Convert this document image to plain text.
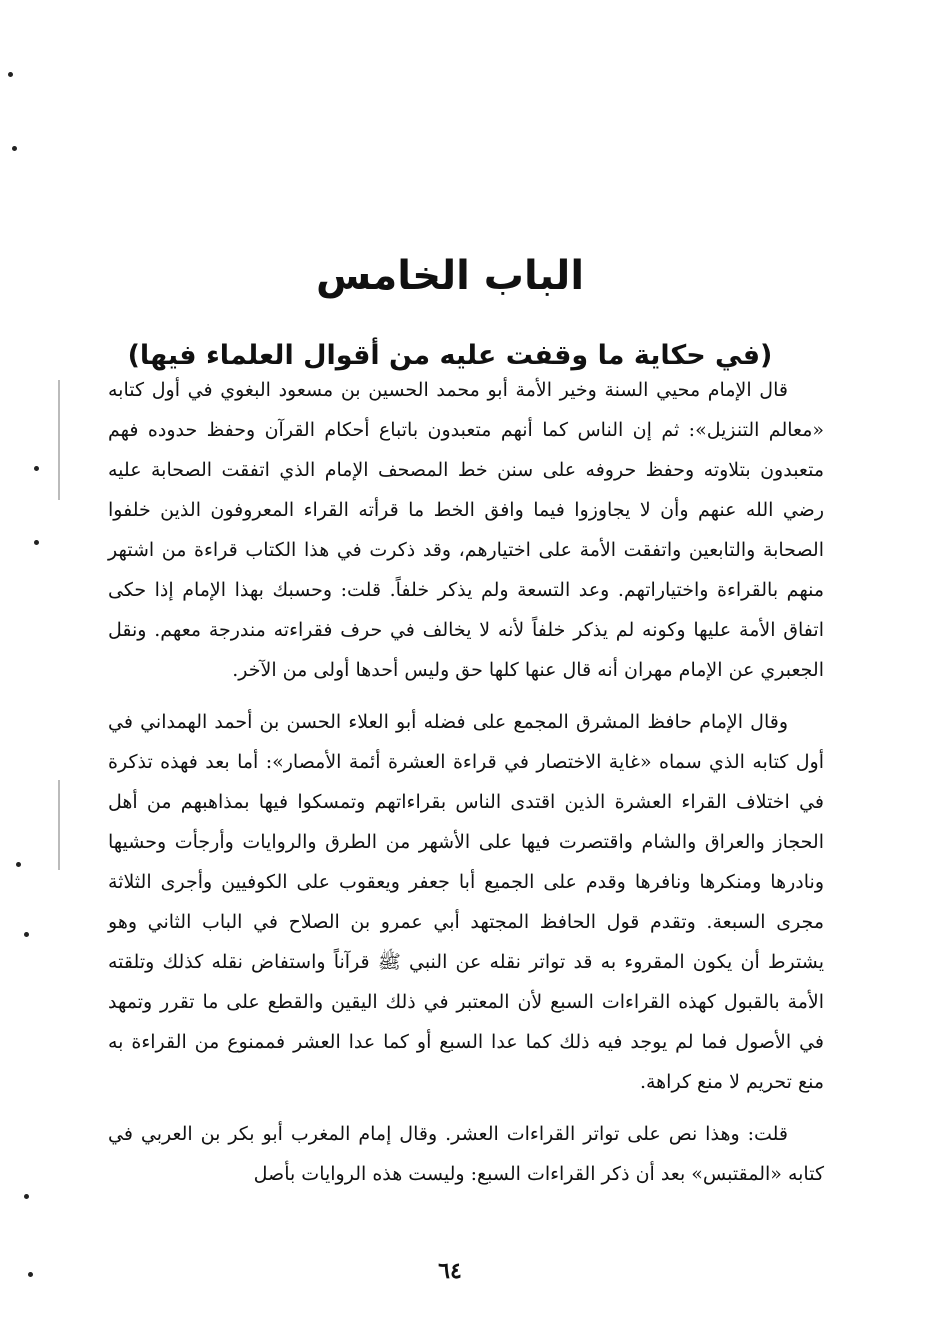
الباب الخامس
(في حكاية ما وقفت عليه من أقوال العلماء فيها)

قال الإمام محيي السنة وخير الأمة أبو محمد الحسين بن مسعود البغوي في أول كتابه «معالم التنزيل»: ثم إن الناس كما أنهم متعبدون باتباع أحكام القرآن وحفظ حدوده فهم متعبدون بتلاوته وحفظ حروفه على سنن خط المصحف الإمام الذي اتفقت الصحابة عليه رضي الله عنهم وأن لا يجاوزوا فيما وافق الخط ما قرأته القراء المعروفون الذين خلفوا الصحابة والتابعين واتفقت الأمة على اختيارهم، وقد ذكرت في هذا الكتاب قراءة من اشتهر منهم بالقراءة واختياراتهم. وعد التسعة ولم يذكر خلفاً. قلت: وحسبك بهذا الإمام إذا حكى اتفاق الأمة عليها وكونه لم يذكر خلفاً لأنه لا يخالف في حرف فقراءته مندرجة معهم. ونقل الجعبري عن الإمام مهران أنه قال عنها كلها حق وليس أحدها أولى من الآخر.

وقال الإمام حافظ المشرق المجمع على فضله أبو العلاء الحسن بن أحمد الهمداني في أول كتابه الذي سماه «غاية الاختصار في قراءة العشرة أئمة الأمصار»: أما بعد فهذه تذكرة في اختلاف القراء العشرة الذين اقتدى الناس بقراءاتهم وتمسكوا فيها بمذاهبهم من أهل الحجاز والعراق والشام واقتصرت فيها على الأشهر من الطرق والروايات وأرجأت وحشيها ونادرها ومنكرها ونافرها وقدم على الجميع أبا جعفر ويعقوب على الكوفيين وأجرى الثلاثة مجرى السبعة. وتقدم قول الحافظ المجتهد أبي عمرو بن الصلاح في الباب الثاني وهو يشترط أن يكون المقروء به قد تواتر نقله عن النبي ﷺ قرآناً واستفاض نقله كذلك وتلقته الأمة بالقبول كهذه القراءات السبع لأن المعتبر في ذلك اليقين والقطع على ما تقرر وتمهد في الأصول فما لم يوجد فيه ذلك كما عدا السبع أو كما عدا العشر فممنوع من القراءة به منع تحريم لا منع كراهة.

قلت: وهذا نص على تواتر القراءات العشر. وقال إمام المغرب أبو بكر بن العربي في كتابه «المقتبس» بعد أن ذكر القراءات السبع: وليست هذه الروايات بأصل

٦٤
